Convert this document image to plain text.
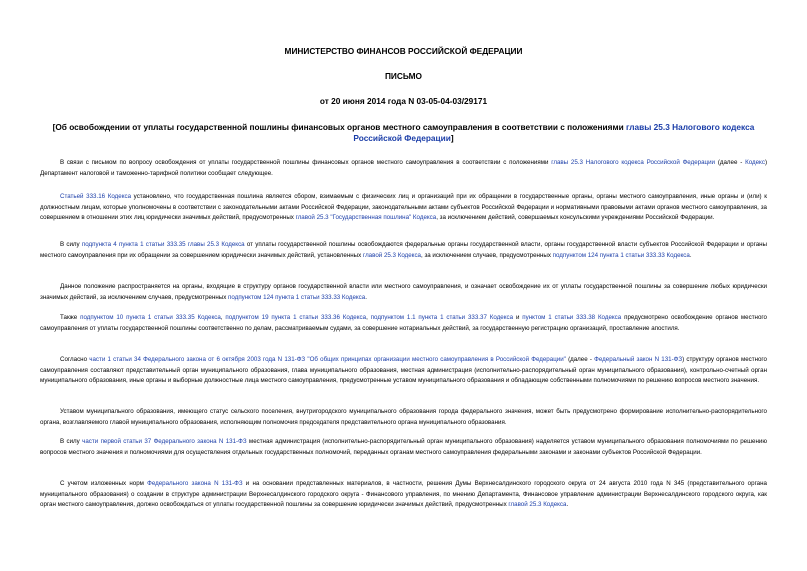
МИНИСТЕРСТВО ФИНАНСОВ РОССИЙСКОЙ ФЕДЕРАЦИИ
ПИСЬМО
от 20 июня 2014 года N 03-05-04-03/29171
[Об освобождении от уплаты государственной пошлины финансовых органов местного самоуправления в соответствии с положениями главы 25.3 Налогового кодекса Российской Федерации]

В связи с письмом по вопросу освобождения от уплаты государственной пошлины финансовых органов местного самоуправления в соответствии с положениями главы 25.3 Налогового кодекса Российской Федерации (далее - Кодекс) Департамент налоговой и таможенно-тарифной политики сообщает следующее.

Статьей 333.16 Кодекса установлено, что государственная пошлина является сбором, взимаемым с физических лиц и организаций при их обращении в государственные органы, органы местного самоуправления, иные органы и (или) к должностным лицам, которые уполномочены в соответствии с законодательными актами Российской Федерации, законодательными актами субъектов Российской Федерации и нормативными правовыми актами органов местного самоуправления, за совершением в отношении этих лиц юридически значимых действий, предусмотренных главой 25.3 "Государственная пошлина" Кодекса, за исключением действий, совершаемых консульскими учреждениями Российской Федерации.

В силу подпункта 4 пункта 1 статьи 333.35 главы 25.3 Кодекса от уплаты государственной пошлины освобождаются федеральные органы государственной власти, органы государственной власти субъектов Российской Федерации и органы местного самоуправления при их обращении за совершением юридически значимых действий, установленных главой 25.3 Кодекса, за исключением случаев, предусмотренных подпунктом 124 пункта 1 статьи 333.33 Кодекса.

Данное положение распространяется на органы, входящие в структуру органов государственной власти или местного самоуправления, и означает освобождение их от уплаты государственной пошлины за совершение любых юридически значимых действий, за исключением случаев, предусмотренных подпунктом 124 пункта 1 статьи 333.33 Кодекса.

Также подпунктом 10 пункта 1 статьи 333.35 Кодекса, подпунктом 19 пункта 1 статьи 333.36 Кодекса, подпунктом 1.1 пункта 1 статьи 333.37 Кодекса и пунктом 1 статьи 333.38 Кодекса предусмотрено освобождение органов местного самоуправления от уплаты государственной пошлины соответственно по делам, рассматриваемым судами, за совершение нотариальных действий, за государственную регистрацию организаций, проставление апостиля.

Согласно части 1 статьи 34 Федерального закона от 6 октября 2003 года N 131-ФЗ "Об общих принципах организации местного самоуправления в Российской Федерации" (далее - Федеральный закон N 131-ФЗ) структуру органов местного самоуправления составляют представительный орган муниципального образования, глава муниципального образования, местная администрация (исполнительно-распорядительный орган муниципального образования), контрольно-счетный орган муниципального образования, иные органы и выборные должностные лица местного самоуправления, предусмотренные уставом муниципального образования и обладающие собственными полномочиями по решению вопросов местного значения.

Уставом муниципального образования, имеющего статус сельского поселения, внутригородского муниципального образования города федерального значения, может быть предусмотрено формирование исполнительно-распорядительного органа, возглавляемого главой муниципального образования, исполняющим полномочия председателя представительного органа муниципального образования.

В силу части первой статьи 37 Федерального закона N 131-ФЗ местная администрация (исполнительно-распорядительный орган муниципального образования) наделяется уставом муниципального образования полномочиями по решению вопросов местного значения и полномочиями для осуществления отдельных государственных полномочий, переданных органам местного самоуправления федеральными законами и законами субъектов Российской Федерации.

С учетом изложенных норм Федерального закона N 131-ФЗ и на основании представленных материалов, в частности, решения Думы Верхнесалдинского городского округа от 24 августа 2010 года N 345 (представительного органа муниципального образования) о создании в структуре администрации Верхнесалдинского городского округа - Финансового управления, по мнению Департамента, Финансовое управление администрации Верхнесалдинского городского округа, как орган местного самоуправления, должно освобождаться от уплаты государственной пошлины за совершение юридически значимых действий, предусмотренных главой 25.3 Кодекса.
